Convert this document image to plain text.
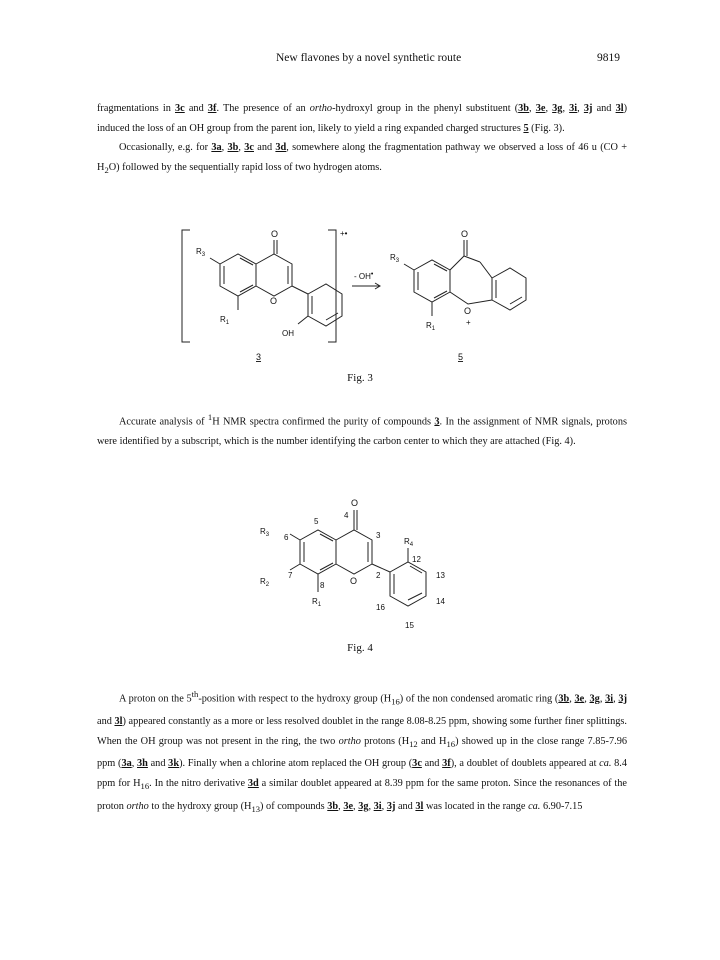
New flavones by a novel synthetic route	9819

fragmentations in 3c and 3f. The presence of an ortho-hydroxyl group in the phenyl substituent (3b, 3e, 3g, 3i, 3j and 3l) induced the loss of an OH group from the parent ion, likely to yield a ring expanded charged structures 5 (Fig. 3).

Occasionally, e.g. for 3a, 3b, 3c and 3d, somewhere along the fragmentation pathway we observed a loss of 46 u $(CO + H_2O)$ followed by the sequentially rapid loss of two hydrogen atoms.

+•
O
O
OH
$R_3$
$R_1$
3
- OH•
O
O
+
$R_3$
$R_1$
5
Fig. 3

Accurate analysis of $^1$H NMR spectra confirmed the purity of compounds 3. In the assignment of NMR signals, protons were identified by a subscript, which is the number identifying the carbon center to which they are attached (Fig. 4).

O
O
$R_4$
$R_3$
$R_2$
$R_1$
5
6
7
8
4
3
2
12
13
14
15
16
Fig. 4

A proton on the 5th-position with respect to the hydroxy group $(H_{16})$ of the non condensed aromatic ring (3b, 3e, 3g, 3i, 3j and 3l) appeared constantly as a more or less resolved doublet in the range 8.08-8.25 ppm, showing some further finer splittings. When the OH group was not present in the ring, the two ortho protons ($H_{12}$ and $H_{16}$) showed up in the close range 7.85-7.96 ppm (3a, 3h and 3k). Finally when a chlorine atom replaced the OH group (3c and 3f), a doublet of doublets appeared at ca. 8.4 ppm for $H_{16}$. In the nitro derivative 3d a similar doublet appeared at 8.39 ppm for the same proton. Since the resonances of the proton ortho to the hydroxy group $(H_{13})$ of compounds 3b, 3e, 3g, 3i, 3j and 3l was located in the range ca. 6.90-7.15
